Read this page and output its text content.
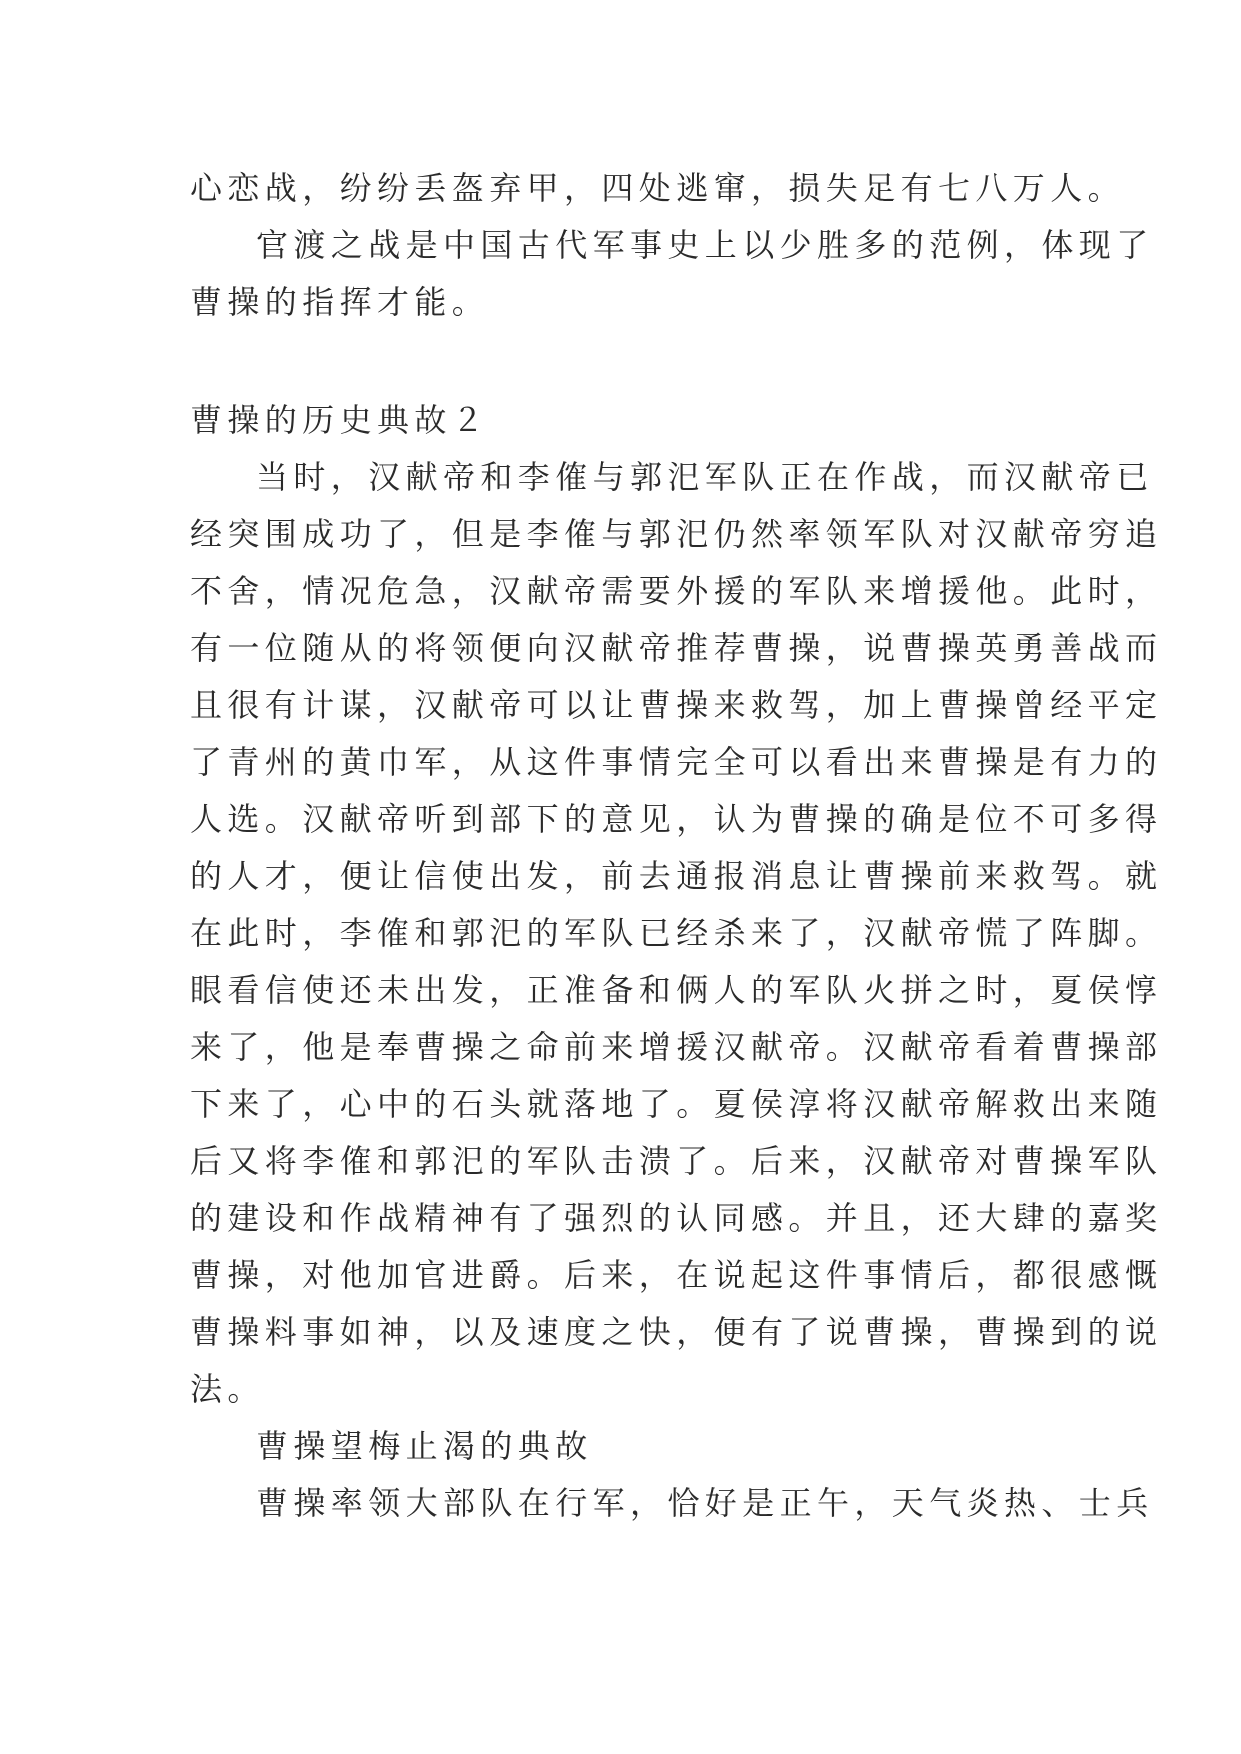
心恋战，纷纷丢盔弃甲，四处逃窜，损失足有七八万人。
官渡之战是中国古代军事史上以少胜多的范例，体现了
曹操的指挥才能。
曹操的历史典故２
当时，汉献帝和李傕与郭汜军队正在作战，而汉献帝已
经突围成功了，但是李傕与郭汜仍然率领军队对汉献帝穷追
不舍，情况危急，汉献帝需要外援的军队来增援他。此时，
有一位随从的将领便向汉献帝推荐曹操，说曹操英勇善战而
且很有计谋，汉献帝可以让曹操来救驾，加上曹操曾经平定
了青州的黄巾军，从这件事情完全可以看出来曹操是有力的
人选。汉献帝听到部下的意见，认为曹操的确是位不可多得
的人才，便让信使出发，前去通报消息让曹操前来救驾。就
在此时，李傕和郭汜的军队已经杀来了，汉献帝慌了阵脚。
眼看信使还未出发，正准备和俩人的军队火拼之时，夏侯惇
来了，他是奉曹操之命前来增援汉献帝。汉献帝看着曹操部
下来了，心中的石头就落地了。夏侯淳将汉献帝解救出来随
后又将李傕和郭汜的军队击溃了。后来，汉献帝对曹操军队
的建设和作战精神有了强烈的认同感。并且，还大肆的嘉奖
曹操，对他加官进爵。后来，在说起这件事情后，都很感慨
曹操料事如神，以及速度之快，便有了说曹操，曹操到的说
法。
曹操望梅止渴的典故
曹操率领大部队在行军，恰好是正午，天气炎热、士兵
